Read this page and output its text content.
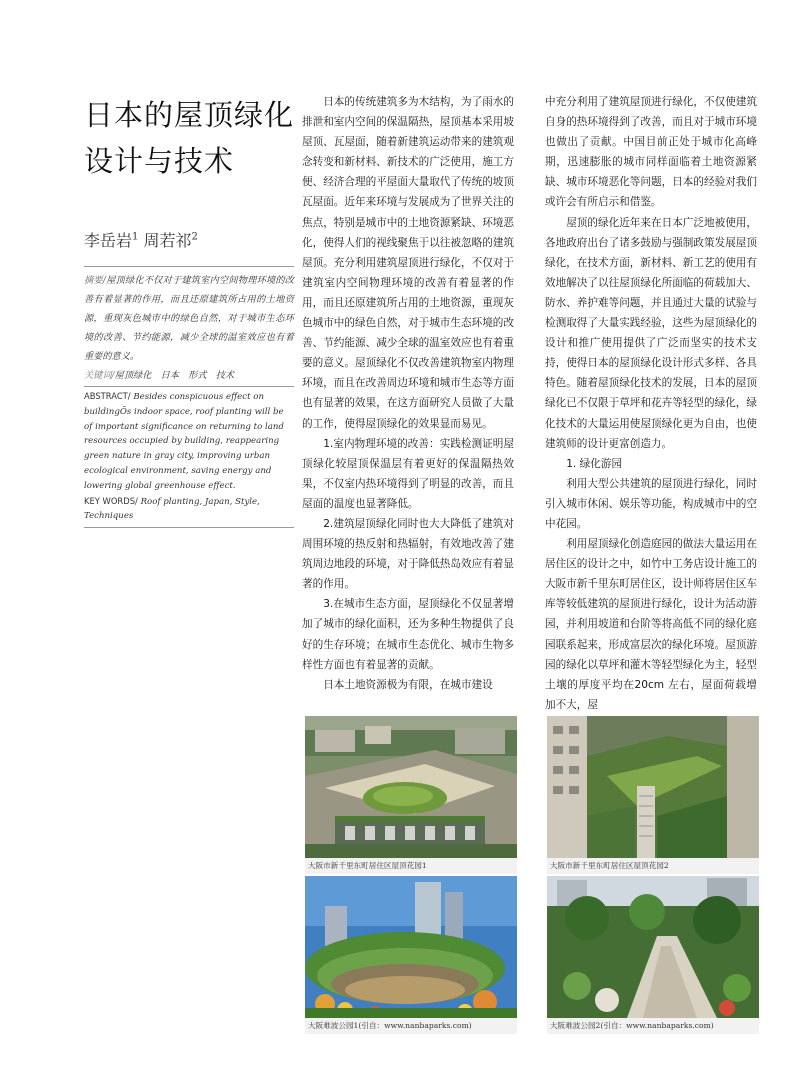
日本的屋顶绿化设计与技术

李岳岩$^1$ 周若祁$^2$

摘要/屋顶绿化不仅对于建筑室内空间物理环境的改善有着显著的作用，而且还原建筑所占用的土地资源，重现灰色城市中的绿色自然，对于城市生态环境的改善、节约能源，减少全球的温室效应也有着重要的意义。

关键词/屋顶绿化　日本　形式　技术

ABSTRACT/ Besides conspicuous effect on buildingÕs indoor space, roof planting will be of important significance on returning to land resources occupied by building, reappearing green nature in gray city, improving urban ecological environment, saving energy and lowering global greenhouse effect.

KEY WORDS/ Roof planting, Japan, Style, Techniques

日本的传统建筑多为木结构，为了雨水的排泄和室内空间的保温隔热，屋顶基本采用坡屋顶、瓦屋面，随着新建筑运动带来的建筑观念转变和新材料、新技术的广泛使用，施工方便、经济合理的平屋面大量取代了传统的坡顶瓦屋面。近年来环境与发展成为了世界关注的焦点，特别是城市中的土地资源紧缺、环境恶化，使得人们的视线聚焦于以往被忽略的建筑屋顶。充分利用建筑屋顶进行绿化，不仅对于建筑室内空间物理环境的改善有着显著的作用，而且还原建筑所占用的土地资源，重现灰色城市中的绿色自然，对于城市生态环境的改善、节约能源、减少全球的温室效应也有着重要的意义。屋顶绿化不仅改善建筑物室内物理环境，而且在改善周边环境和城市生态等方面也有显著的效果，在这方面研究人员做了大量的工作，使得屋顶绿化的效果显而易见。

1.室内物理环境的改善：实践检测证明屋顶绿化较屋顶保温层有着更好的保温隔热效果，不仅室内热环境得到了明显的改善，而且屋面的温度也显著降低。

2.建筑屋顶绿化同时也大大降低了建筑对周围环境的热反射和热辐射，有效地改善了建筑周边地段的环境，对于降低热岛效应有着显著的作用。

3.在城市生态方面，屋顶绿化不仅显著增加了城市的绿化面积，还为多种生物提供了良好的生存环境；在城市生态优化、城市生物多样性方面也有着显著的贡献。

日本土地资源极为有限，在城市建设

中充分利用了建筑屋顶进行绿化，不仅使建筑自身的热环境得到了改善，而且对于城市环境也做出了贡献。中国目前正处于城市化高峰期，迅速膨胀的城市同样面临着土地资源紧缺、城市环境恶化等问题，日本的经验对我们或许会有所启示和借鉴。

屋顶的绿化近年来在日本广泛地被使用，各地政府出台了诸多鼓励与强制政策发展屋顶绿化，在技术方面，新材料、新工艺的使用有效地解决了以往屋顶绿化所面临的荷载加大、防水、养护难等问题，并且通过大量的试验与检测取得了大量实践经验，这些为屋顶绿化的设计和推广使用提供了广泛而坚实的技术支持，使得日本的屋顶绿化设计形式多样、各具特色。随着屋顶绿化技术的发展，日本的屋顶绿化已不仅限于草坪和花卉等轻型的绿化，绿化技术的大量运用使屋顶绿化更为自由，也使建筑师的设计更富创造力。

1. 绿化游园

利用大型公共建筑的屋顶进行绿化，同时引入城市休闲、娱乐等功能，构成城市中的空中花园。

利用屋顶绿化创造庭园的做法大量运用在居住区的设计之中，如竹中工务店设计施工的大阪市新千里东町居住区，设计师将居住区车库等较低建筑的屋顶进行绿化，设计为活动游园，并利用坡道和台阶等将高低不同的绿化庭园联系起来，形成富层次的绿化环境。屋顶游园的绿化以草坪和灌木等轻型绿化为主，轻型土壤的厚度平均在20cm 左右，屋面荷载增加不大，屋

大阪市新千里东町居住区屋顶花园1	大阪市新千里东町居住区屋顶花园2
大阪难波公园1(引自：www.nanbaparks.com)	大阪难波公园2(引自：www.nanbaparks.com)
